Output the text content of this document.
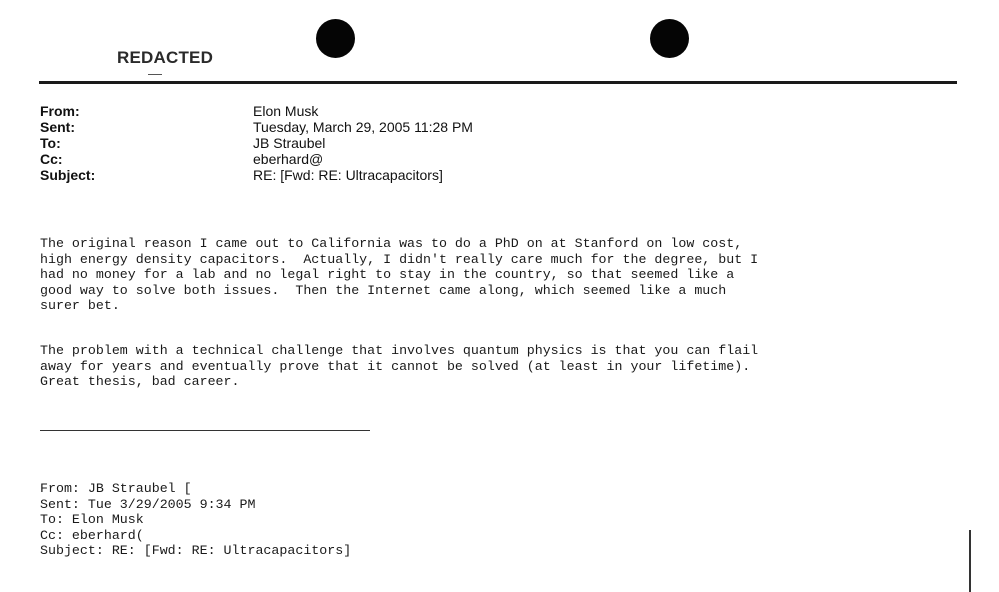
REDACTED
From:	Elon Musk
Sent:	Tuesday, March 29, 2005 11:28 PM
To:	JB Straubel
Cc:	eberhard@
Subject:	RE: [Fwd: RE: Ultracapacitors]
The original reason I came out to California was to do a PhD on at Stanford on low cost,
high energy density capacitors.  Actually, I didn't really care much for the degree, but I
had no money for a lab and no legal right to stay in the country, so that seemed like a
good way to solve both issues.  Then the Internet came along, which seemed like a much
surer bet.
The problem with a technical challenge that involves quantum physics is that you can flail
away for years and eventually prove that it cannot be solved (at least in your lifetime).
Great thesis, bad career.
From: JB Straubel [
Sent: Tue 3/29/2005 9:34 PM
To: Elon Musk
Cc: eberhard(
Subject: RE: [Fwd: RE: Ultracapacitors]
